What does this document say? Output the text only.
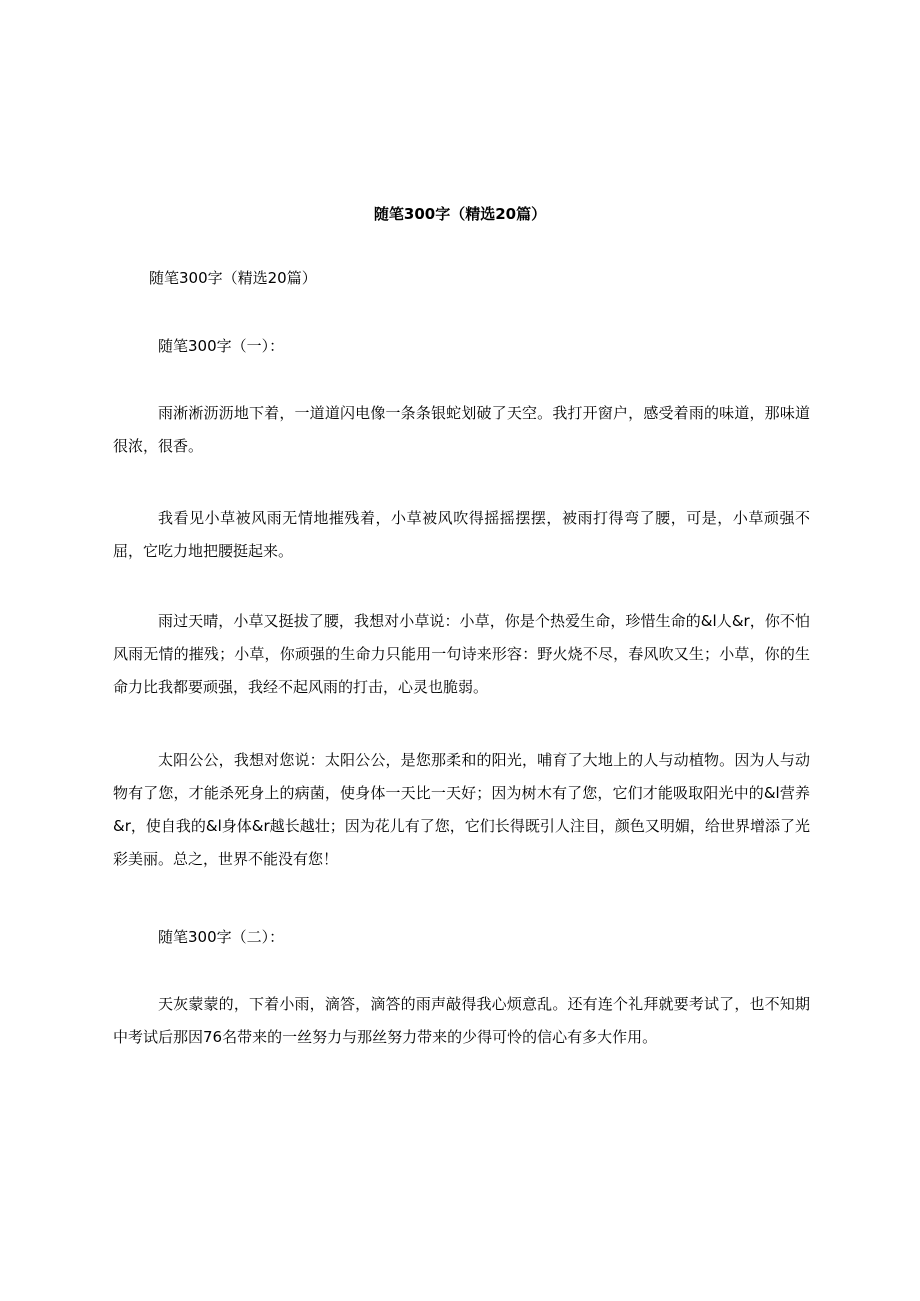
随笔300字（精选20篇）

随笔300字（精选20篇）

随笔300字（一）：

雨淅淅沥沥地下着，一道道闪电像一条条银蛇划破了天空。我打开窗户，感受着雨的味道，那味道很浓，很香。

我看见小草被风雨无情地摧残着，小草被风吹得摇摇摆摆，被雨打得弯了腰，可是，小草顽强不屈，它吃力地把腰挺起来。

雨过天晴，小草又挺拔了腰，我想对小草说：小草，你是个热爱生命，珍惜生命的&l人&r，你不怕风雨无情的摧残；小草，你顽强的生命力只能用一句诗来形容：野火烧不尽，春风吹又生；小草，你的生命力比我都要顽强，我经不起风雨的打击，心灵也脆弱。

太阳公公，我想对您说：太阳公公，是您那柔和的阳光，哺育了大地上的人与动植物。因为人与动物有了您，才能杀死身上的病菌，使身体一天比一天好；因为树木有了您，它们才能吸取阳光中的&l营养&r，使自我的&l身体&r越长越壮；因为花儿有了您，它们长得既引人注目，颜色又明媚，给世界增添了光彩美丽。总之，世界不能没有您！

随笔300字（二）：

天灰蒙蒙的，下着小雨，滴答，滴答的雨声敲得我心烦意乱。还有连个礼拜就要考试了，也不知期中考试后那因76名带来的一丝努力与那丝努力带来的少得可怜的信心有多大作用。
